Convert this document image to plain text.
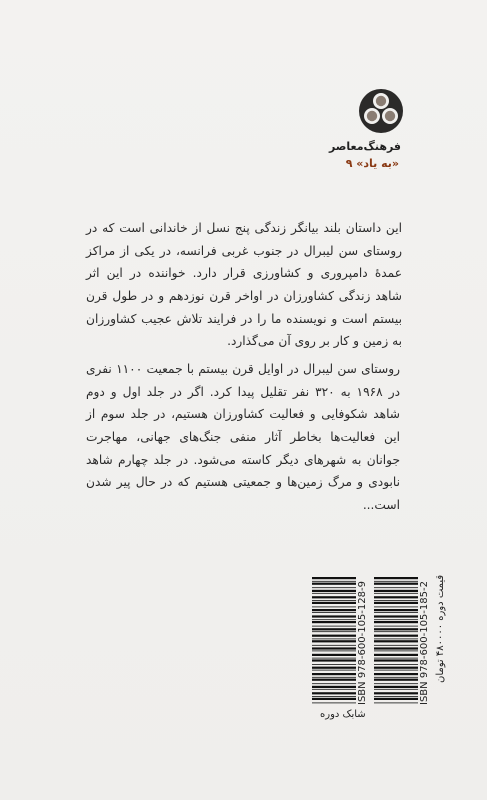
فرهنگ‌معاصر
«به یاد» ۹

این داستان بلند بیانگر زندگی پنج نسل از خاندانی است که در روستای سن لیبرال در جنوب غربی فرانسه، در یکی از مراکز عمدهٔ دامپروری و کشاورزی قرار دارد. خواننده در این اثر شاهد زندگی کشاورزان در اواخر قرن نوزدهم و در طول قرن بیستم است و نویسنده ما را در فرایند تلاش عجیب کشاورزان به زمین و کار بر روی آن می‌گذارد.

روستای سن لیبرال در اوایل قرن بیستم با جمعیت ۱۱۰۰ نفری در ۱۹۶۸ به ۳۲۰ نفر تقلیل پیدا کرد. اگر در جلد اول و دوم شاهد شکوفایی و فعالیت کشاورزان هستیم، در جلد سوم از این فعالیت‌ها بخاطر آثار منفی جنگ‌های جهانی، مهاجرت جوانان به شهرهای دیگر کاسته می‌شود. در جلد چهارم شاهد نابودی و مرگ زمین‌ها و جمعیتی هستیم که در حال پیر شدن است...

ISBN 978-600-105-128-9	ISBN 978-600-105-185-2 قیمت دوره ۴۸۰۰۰۰ تومان
شابک دوره
